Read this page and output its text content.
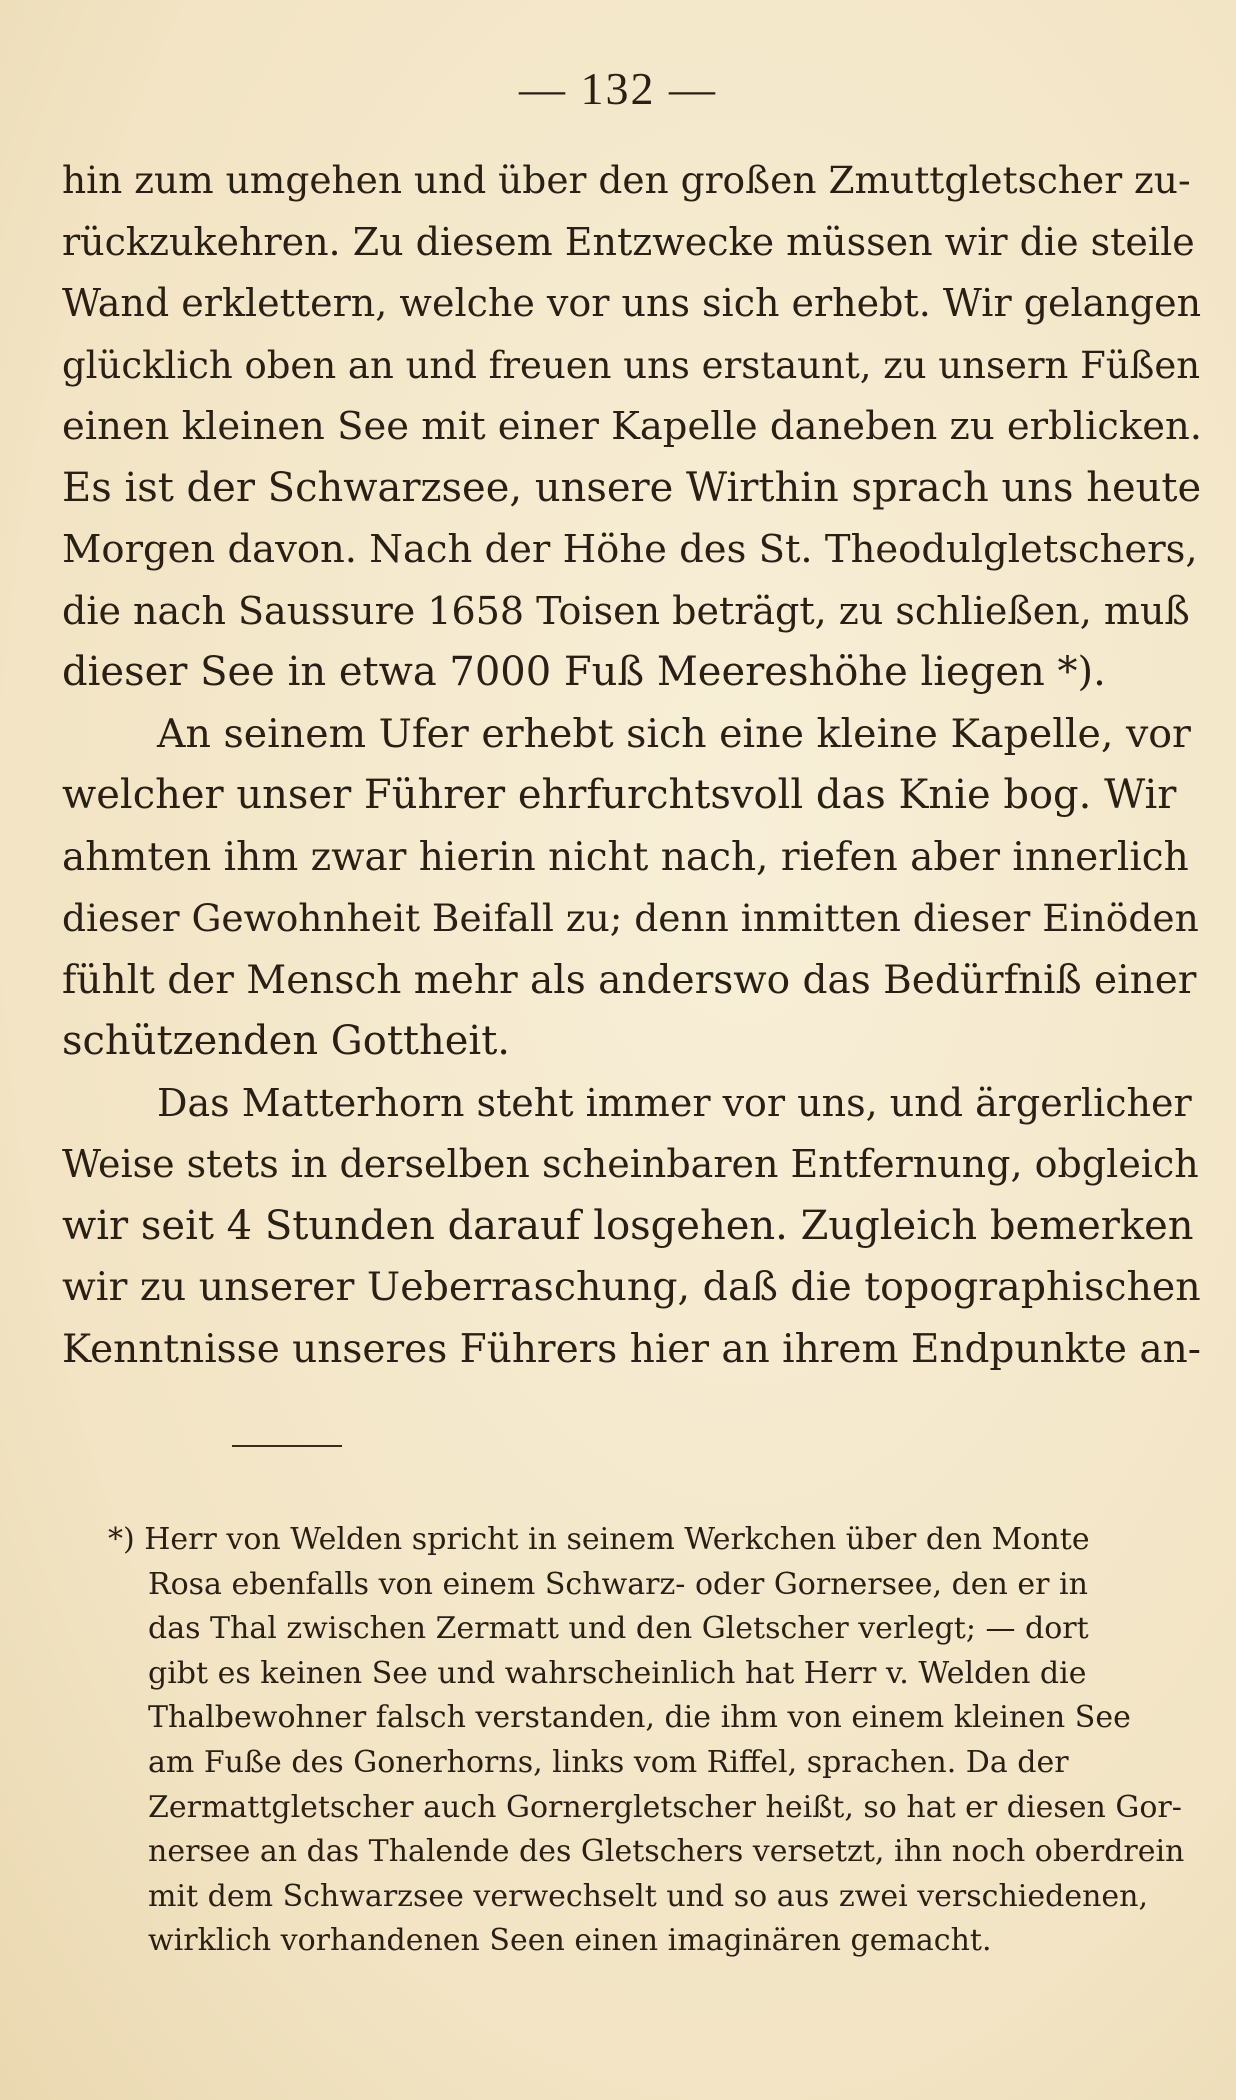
— 132 —
hin zum umgehen und über den großen Zmuttgletscher zu-
rückzukehren. Zu diesem Entzwecke müssen wir die steile
Wand erklettern, welche vor uns sich erhebt. Wir gelangen
glücklich oben an und freuen uns erstaunt, zu unsern Füßen
einen kleinen See mit einer Kapelle daneben zu erblicken.
Es ist der Schwarzsee, unsere Wirthin sprach uns heute
Morgen davon. Nach der Höhe des St. Theodulgletschers,
die nach Saussure 1658 Toisen beträgt, zu schließen, muß
dieser See in etwa 7000 Fuß Meereshöhe liegen *).
An seinem Ufer erhebt sich eine kleine Kapelle, vor
welcher unser Führer ehrfurchtsvoll das Knie bog. Wir
ahmten ihm zwar hierin nicht nach, riefen aber innerlich
dieser Gewohnheit Beifall zu; denn inmitten dieser Einöden
fühlt der Mensch mehr als anderswo das Bedürfniß einer
schützenden Gottheit.
Das Matterhorn steht immer vor uns, und ärgerlicher
Weise stets in derselben scheinbaren Entfernung, obgleich
wir seit 4 Stunden darauf losgehen. Zugleich bemerken
wir zu unserer Ueberraschung, daß die topographischen
Kenntnisse unseres Führers hier an ihrem Endpunkte an-
*) Herr von Welden spricht in seinem Werkchen über den Monte
Rosa ebenfalls von einem Schwarz- oder Gornersee, den er in
das Thal zwischen Zermatt und den Gletscher verlegt; — dort
gibt es keinen See und wahrscheinlich hat Herr v. Welden die
Thalbewohner falsch verstanden, die ihm von einem kleinen See
am Fuße des Gonerhorns, links vom Riffel, sprachen. Da der
Zermattgletscher auch Gornergletscher heißt, so hat er diesen Gor-
nersee an das Thalende des Gletschers versetzt, ihn noch oberdrein
mit dem Schwarzsee verwechselt und so aus zwei verschiedenen,
wirklich vorhandenen Seen einen imaginären gemacht.
